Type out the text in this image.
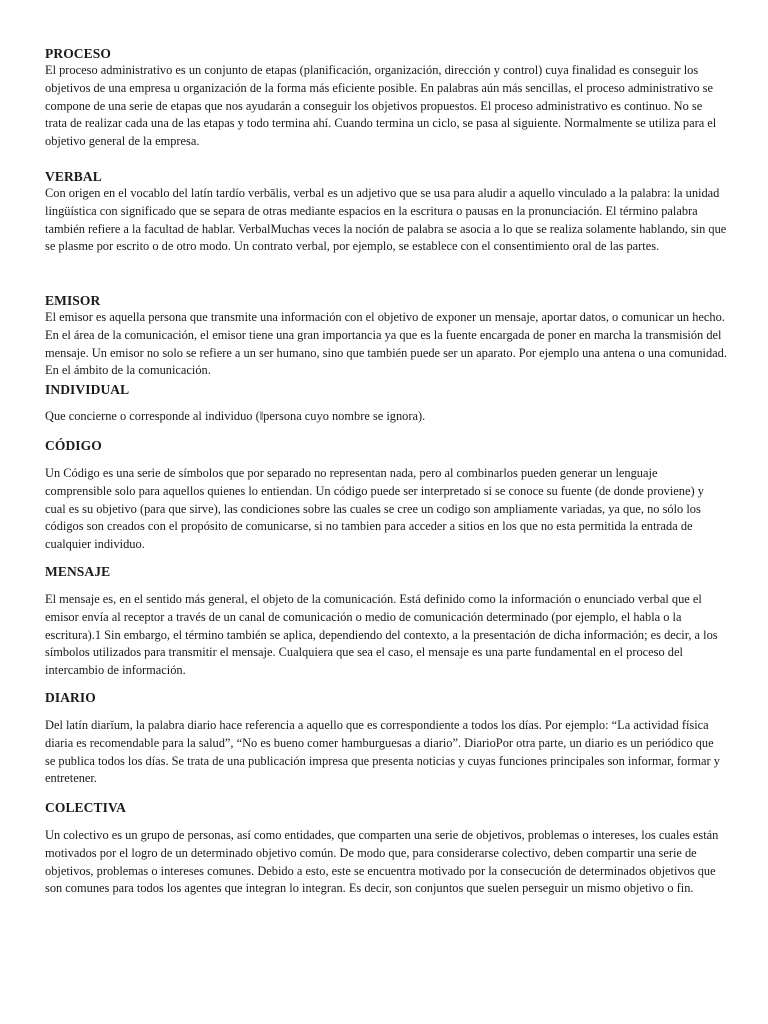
PROCESO

El proceso administrativo es un conjunto de etapas (planificación, organización, dirección y control) cuya finalidad es conseguir los objetivos de una empresa u organización de la forma más eficiente posible. En palabras aún más sencillas, el proceso administrativo se compone de una serie de etapas que nos ayudarán a conseguir los objetivos propuestos. El proceso administrativo es continuo. No se trata de realizar cada una de las etapas y todo termina ahí. Cuando termina un ciclo, se pasa al siguiente. Normalmente se utiliza para el objetivo general de la empresa.

VERBAL

Con origen en el vocablo del latín tardío verbālis, verbal es un adjetivo que se usa para aludir a aquello vinculado a la palabra: la unidad lingüística con significado que se separa de otras mediante espacios en la escritura o pausas en la pronunciación. El término palabra también refiere a la facultad de hablar. VerbalMuchas veces la noción de palabra se asocia a lo que se realiza solamente hablando, sin que se plasme por escrito o de otro modo. Un contrato verbal, por ejemplo, se establece con el consentimiento oral de las partes.

EMISOR

El emisor es aquella persona que transmite una información con el objetivo de exponer un mensaje, aportar datos, o comunicar un hecho. En el área de la comunicación, el emisor tiene una gran importancia ya que es la fuente encargada de poner en marcha la transmisión del mensaje. Un emisor no solo se refiere a un ser humano, sino que también puede ser un aparato. Por ejemplo una antena o una comunidad. En el ámbito de la comunicación.

INDIVIDUAL

Que concierne o corresponde al individuo (‖persona cuyo nombre se ignora).

CÓDIGO

Un Código es una serie de símbolos que por separado no representan nada, pero al combinarlos pueden generar un lenguaje comprensible solo para aquellos quienes lo entiendan. Un código puede ser interpretado si se conoce su fuente (de donde proviene) y cual es su objetivo (para que sirve), las condiciones sobre las cuales se cree un codigo son ampliamente variadas, ya que, no sólo los códigos son creados con el propósito de comunicarse, si no tambien para acceder a sitios en los que no esta permitida la entrada de cualquier individuo.

MENSAJE

El mensaje es, en el sentido más general, el objeto de la comunicación. Está definido como la información o enunciado verbal que el emisor envía al receptor a través de un canal de comunicación o medio de comunicación determinado (por ejemplo, el habla o la escritura).1 Sin embargo, el término también se aplica, dependiendo del contexto, a la presentación de dicha información; es decir, a los símbolos utilizados para transmitir el mensaje. Cualquiera que sea el caso, el mensaje es una parte fundamental en el proceso del intercambio de información.

DIARIO

Del latín diarĭum, la palabra diario hace referencia a aquello que es correspondiente a todos los días. Por ejemplo: “La actividad física diaria es recomendable para la salud”, “No es bueno comer hamburguesas a diario”. DiarioPor otra parte, un diario es un periódico que se publica todos los días. Se trata de una publicación impresa que presenta noticias y cuyas funciones principales son informar, formar y entretener.

COLECTIVA

Un colectivo es un grupo de personas, así como entidades, que comparten una serie de objetivos, problemas o intereses, los cuales están motivados por el logro de un determinado objetivo común. De modo que, para considerarse colectivo, deben compartir una serie de objetivos, problemas o intereses comunes. Debido a esto, este se encuentra motivado por la consecución de determinados objetivos que son comunes para todos los agentes que integran lo integran. Es decir, son conjuntos que suelen perseguir un mismo objetivo o fin.
